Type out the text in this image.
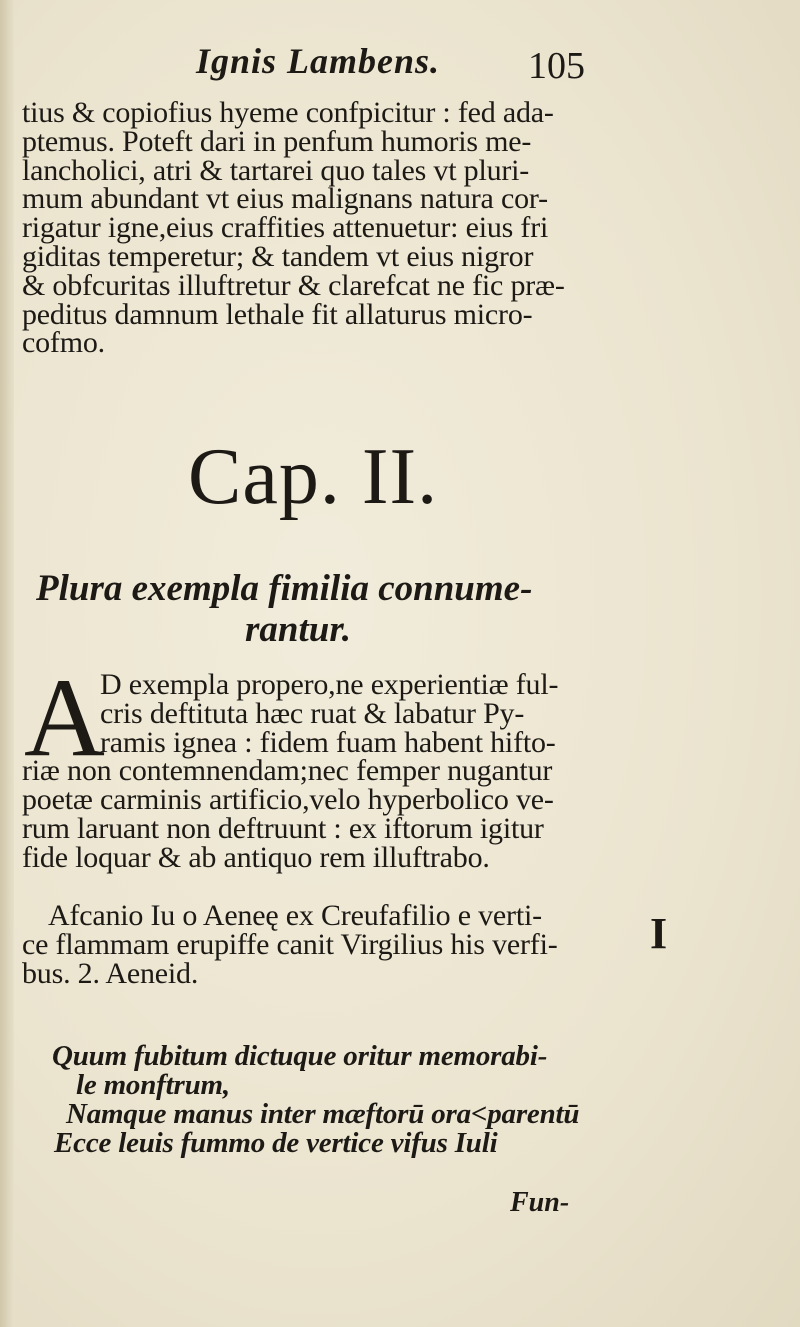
Ignis Lambens.	105
tius & copiofius hyeme confpicitur : fed ada-
ptemus. Poteft dari in penfum humoris me-
lancholici, atri & tartarei quo tales vt pluri-
mum abundant vt eius malignans natura cor-
rigatur igne,eius craffities attenuetur: eius fri
giditas temperetur; & tandem vt eius nigror
& obfcuritas illuftretur & clarefcat ne fic præ-
peditus damnum lethale fit allaturus micro-
cofmo.
Cap. II.
Plura exempla fimilia connume-
rantur.
A
D exempla propero,ne experientiæ ful-
cris deftituta hæc ruat & labatur Py-
ramis ignea : fidem fuam habent hifto-
riæ non contemnendam;nec femper nugantur
poetæ carminis artificio,velo hyperbolico ve-
rum laruant non deftruunt : ex iftorum igitur
fide loquar & ab antiquo rem illuftrabo.
Afcanio Iu o Aeneę ex Creufafilio e verti-
ce flammam erupiffe canit Virgilius his verfi-
bus. 2. Aeneid.
I
Quum fubitum dictuque oritur memorabi-
le monftrum,
Namque manus inter mæftorū ora<parentū
Ecce leuis fummo de vertice vifus Iuli
Fun-
